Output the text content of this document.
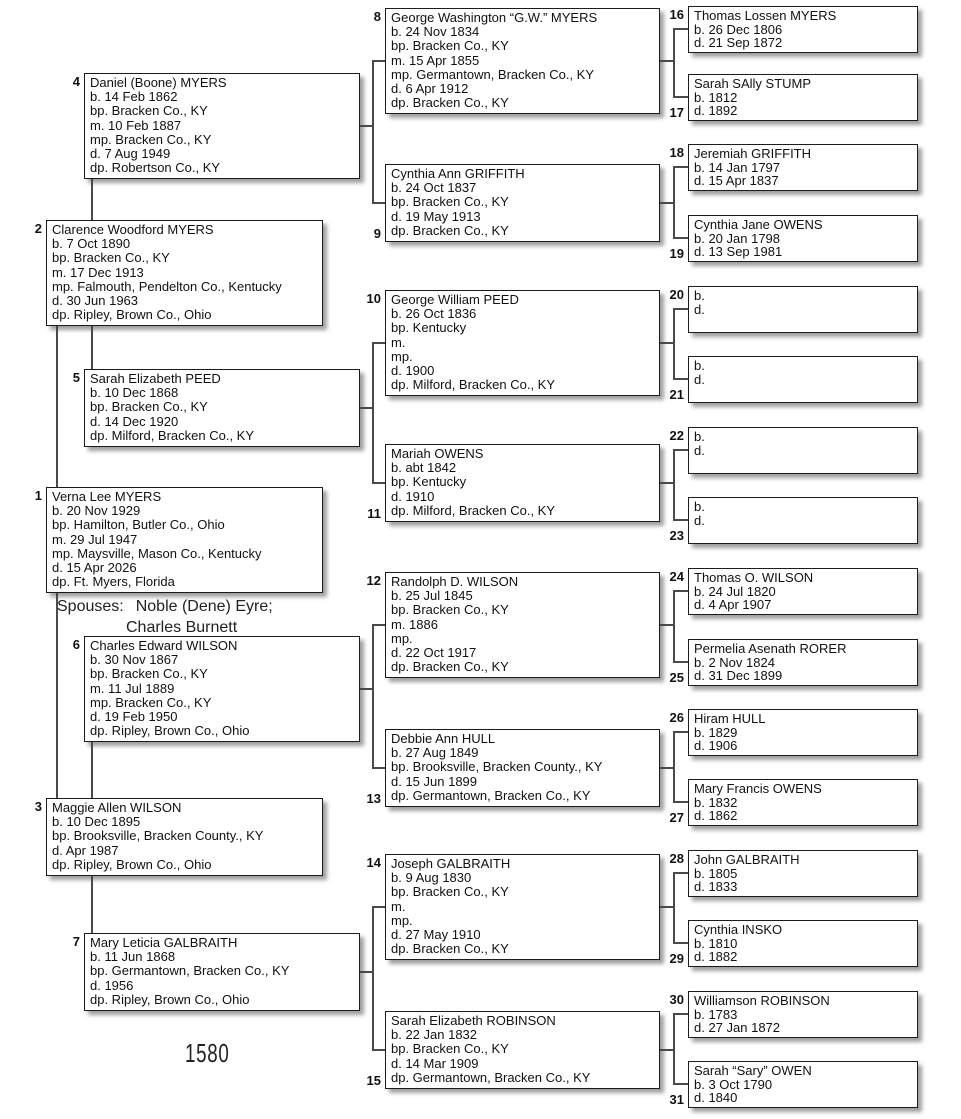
Daniel (Boone) MYERS
b. 14 Feb 1862
bp. Bracken Co., KY
m. 10 Feb 1887
mp. Bracken Co., KY
d. 7 Aug 1949
dp. Robertson Co., KY
4
Clarence Woodford MYERS
b. 7 Oct 1890
bp. Bracken Co., KY
m. 17 Dec 1913
mp. Falmouth, Pendelton Co., Kentucky
d. 30 Jun 1963
dp. Ripley, Brown Co., Ohio
2
Sarah Elizabeth PEED
b. 10 Dec 1868
bp. Bracken Co., KY
d. 14 Dec 1920
dp. Milford, Bracken Co., KY
5
Verna Lee MYERS
b. 20 Nov 1929
bp. Hamilton, Butler Co., Ohio
m. 29 Jul 1947
mp. Maysville, Mason Co., Kentucky
d. 15 Apr 2026
dp. Ft. Myers, Florida
1
Spouses: Noble (Dene) Eyre;
Charles Burnett
Charles Edward WILSON
b. 30 Nov 1867
bp. Bracken Co., KY
m. 11 Jul 1889
mp. Bracken Co., KY
d. 19 Feb 1950
dp. Ripley, Brown Co., Ohio
6
Maggie Allen WILSON
b. 10 Dec 1895
bp. Brooksville, Bracken County., KY
d. Apr 1987
dp. Ripley, Brown Co., Ohio
3
Mary Leticia GALBRAITH
b. 11 Jun 1868
bp. Germantown, Bracken Co., KY
d. 1956
dp. Ripley, Brown Co., Ohio
7
George Washington “G.W.” MYERS
b. 24 Nov 1834
bp. Bracken Co., KY
m. 15 Apr 1855
mp. Germantown, Bracken Co., KY
d. 6 Apr 1912
dp. Bracken Co., KY
8
Cynthia Ann GRIFFITH
b. 24 Oct 1837
bp. Bracken Co., KY
d. 19 May 1913
dp. Bracken Co., KY
9
George William PEED
b. 26 Oct 1836
bp. Kentucky
m.
mp.
d. 1900
dp. Milford, Bracken Co., KY
10
Mariah OWENS
b. abt 1842
bp. Kentucky
d. 1910
dp. Milford, Bracken Co., KY
11
Randolph D. WILSON
b. 25 Jul 1845
bp. Bracken Co., KY
m. 1886
mp.
d. 22 Oct 1917
dp. Bracken Co., KY
12
Debbie Ann HULL
b. 27 Aug 1849
bp. Brooksville, Bracken County., KY
d. 15 Jun 1899
dp. Germantown, Bracken Co., KY
13
Joseph GALBRAITH
b. 9 Aug 1830
bp. Bracken Co., KY
m.
mp.
d. 27 May 1910
dp. Bracken Co., KY
14
Sarah Elizabeth ROBINSON
b. 22 Jan 1832
bp. Bracken Co., KY
d. 14 Mar 1909
dp. Germantown, Bracken Co., KY
15
Thomas Lossen MYERS
b. 26 Dec 1806
d. 21 Sep 1872
16
Sarah SAlly STUMP
b. 1812
d. 1892
17
Jeremiah GRIFFITH
b. 14 Jan 1797
d. 15 Apr 1837
18
Cynthia Jane OWENS
b. 20 Jan 1798
d. 13 Sep 1981
19
b.
d.
20
b.
d.
21
b.
d.
22
b.
d.
23
Thomas O. WILSON
b. 24 Jul 1820
d. 4 Apr 1907
24
Permelia Asenath RORER
b. 2 Nov 1824
d. 31 Dec 1899
25
Hiram HULL
b. 1829
d. 1906
26
Mary Francis OWENS
b. 1832
d. 1862
27
John GALBRAITH
b. 1805
d. 1833
28
Cynthia INSKO
b. 1810
d. 1882
29
Williamson ROBINSON
b. 1783
d. 27 Jan 1872
30
Sarah “Sary” OWEN
b. 3 Oct 1790
d. 1840
31
1580
